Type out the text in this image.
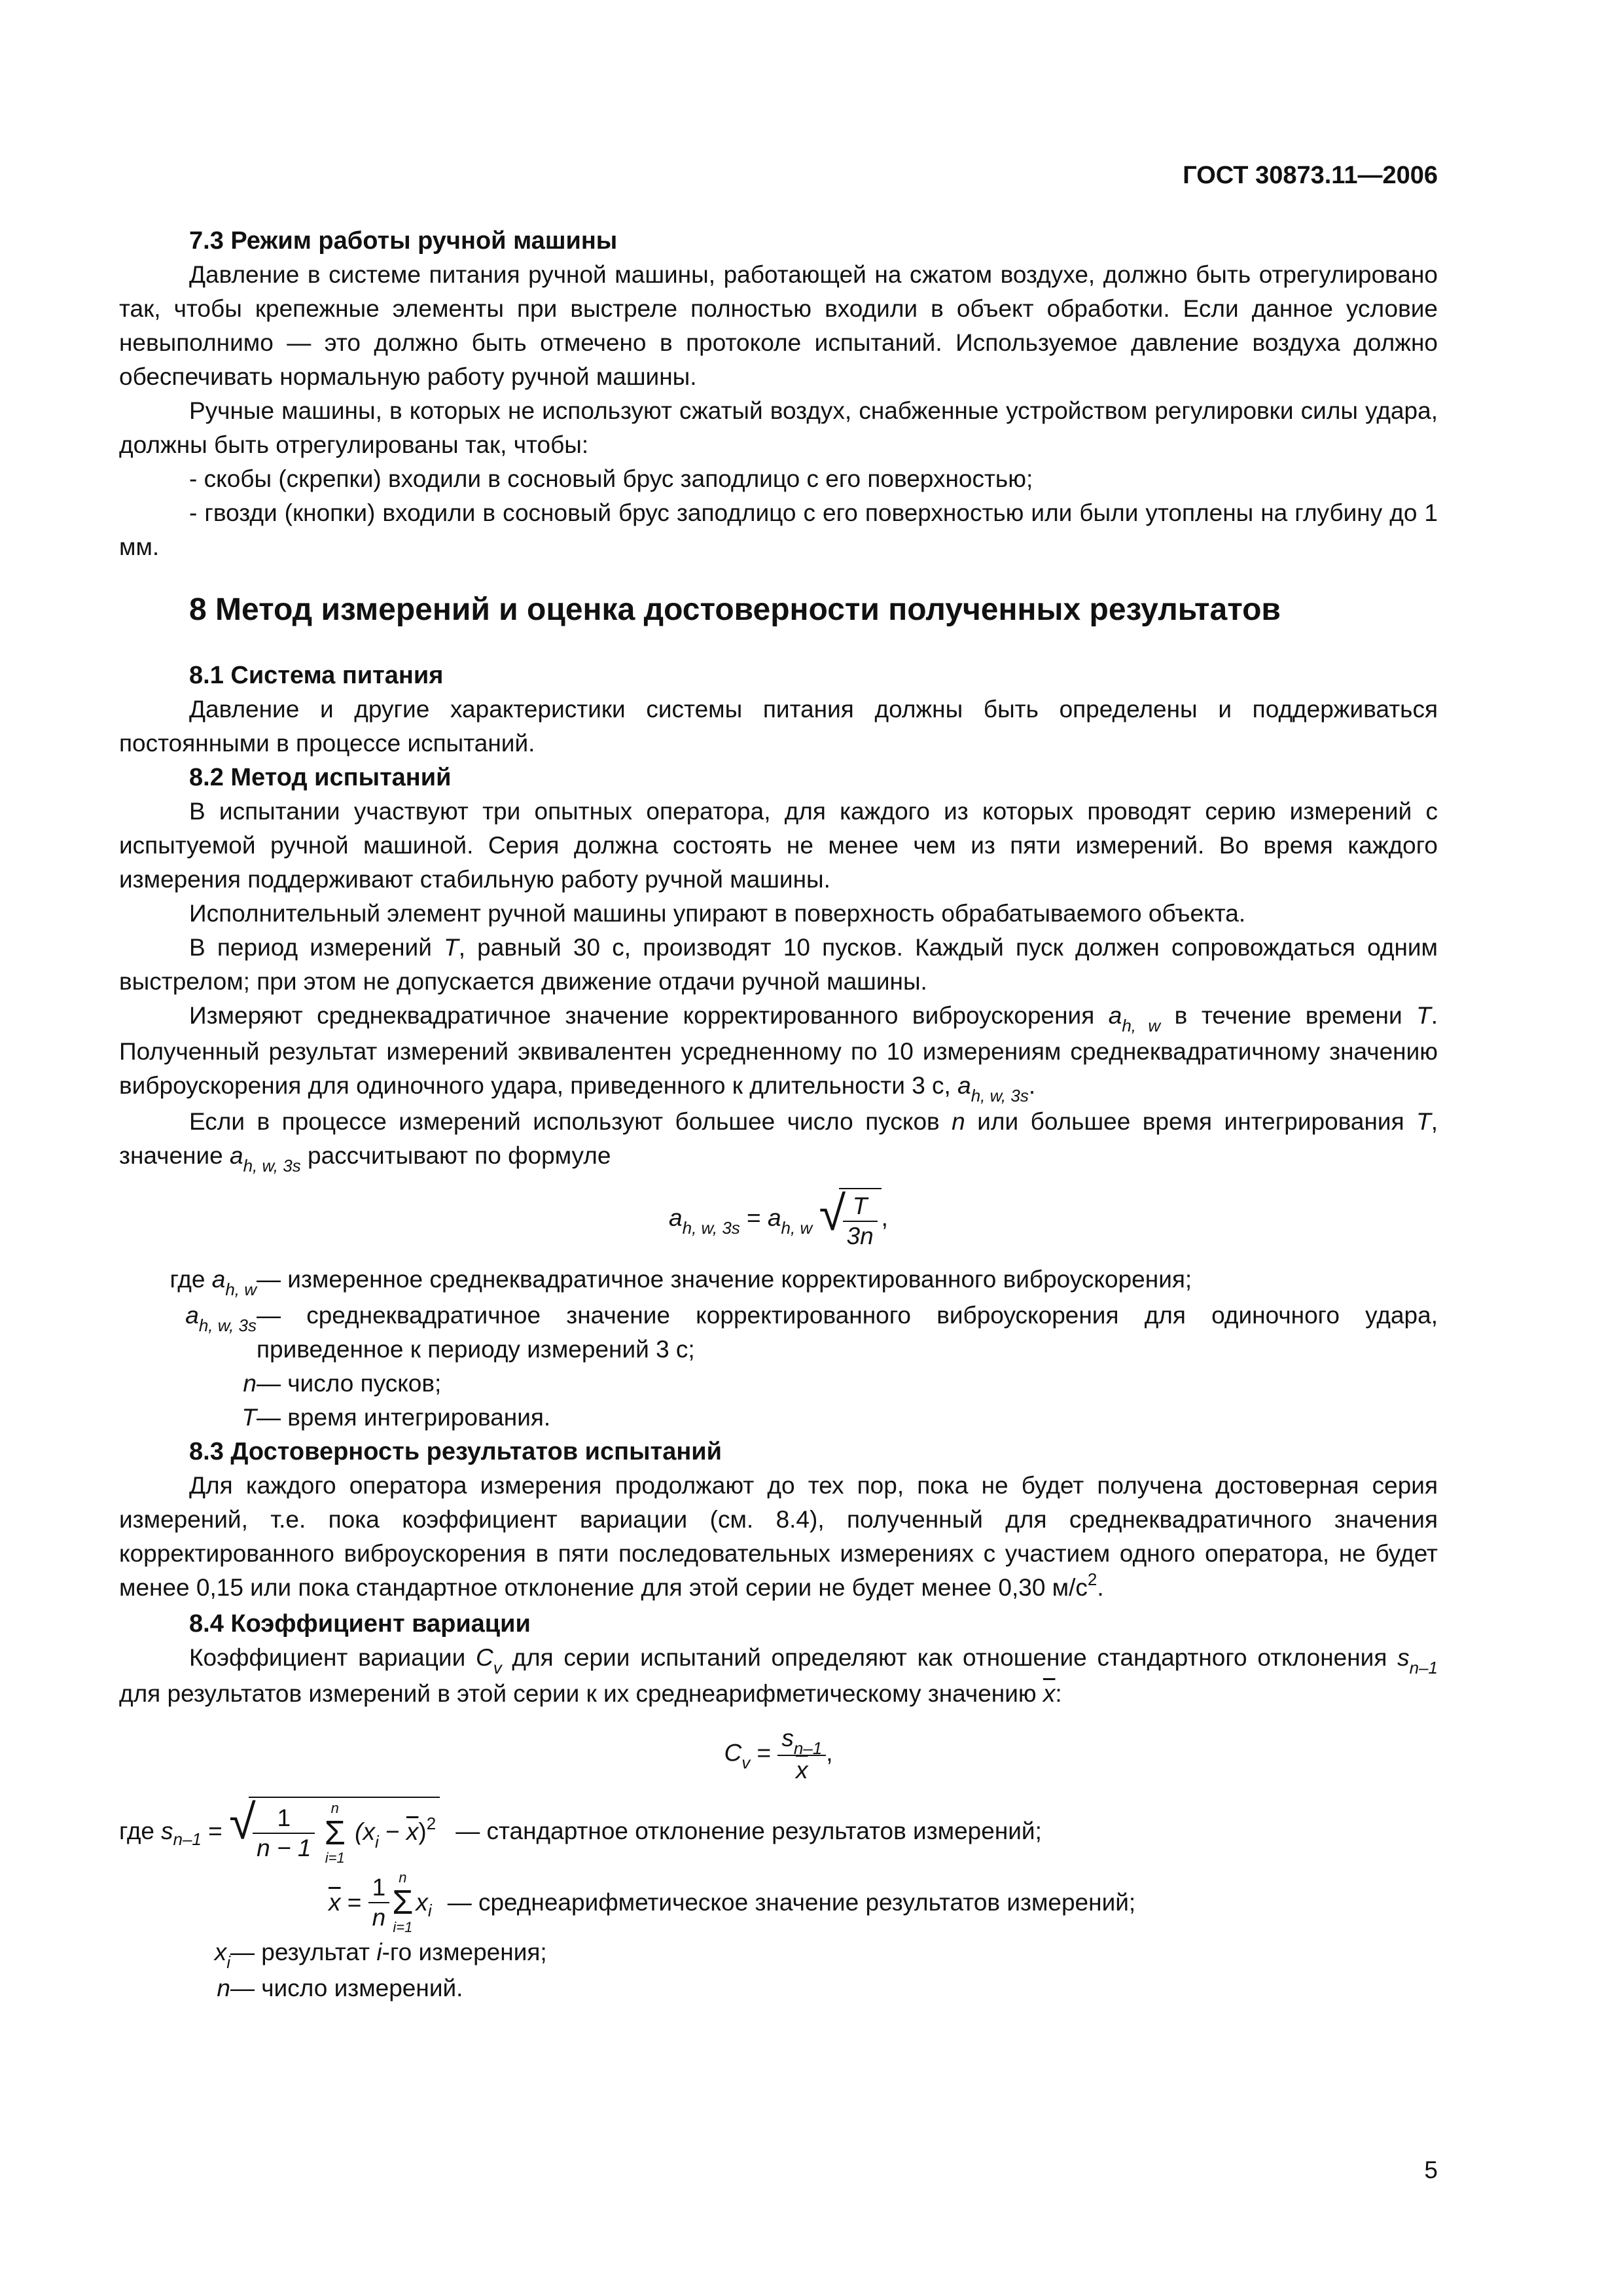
ГОСТ 30873.11—2006
7.3 Режим работы ручной машины

Давление в системе питания ручной машины, работающей на сжатом воздухе, должно быть отрегулировано так, чтобы крепежные элементы при выстреле полностью входили в объект обработки. Если данное условие невыполнимо — это должно быть отмечено в протоколе испытаний. Используемое давление воздуха должно обеспечивать нормальную работу ручной машины.

Ручные машины, в которых не используют сжатый воздух, снабженные устройством регулировки силы удара, должны быть отрегулированы так, чтобы:

- скобы (скрепки) входили в сосновый брус заподлицо с его поверхностью;

- гвозди (кнопки) входили в сосновый брус заподлицо с его поверхностью или были утоплены на глубину до 1 мм.

8 Метод измерений и оценка достоверности полученных результатов
8.1 Система питания

Давление и другие характеристики системы питания должны быть определены и поддерживаться постоянными в процессе испытаний.

8.2 Метод испытаний

В испытании участвуют три опытных оператора, для каждого из которых проводят серию измерений с испытуемой ручной машиной. Серия должна состоять не менее чем из пяти измерений. Во время каждого измерения поддерживают стабильную работу ручной машины.

Исполнительный элемент ручной машины упирают в поверхность обрабатываемого объекта.

В период измерений T, равный 30 с, производят 10 пусков. Каждый пуск должен сопровождаться одним выстрелом; при этом не допускается движение отдачи ручной машины.

Измеряют среднеквадратичное значение корректированного виброускорения $a_{h, w}$ в течение времени T. Полученный результат измерений эквивалентен усредненному по 10 измерениям среднеквадратичному значению виброускорения для одиночного удара, приведенного к длительности 3 с, $a_{h, w, 3s}$.

Если в процессе измерений используют большее число пусков n или большее время интегрирования T, значение $a_{h, w, 3s}$ рассчитывают по формуле

$a_{h, w, 3s} = a_{h, w}$ √
$\frac{T}{3n}$ ,
где $a_{h, w}$ — измеренное среднеквадратичное значение корректированного виброускорения;
$a_{h, w, 3s}$ — среднеквадратичное значение корректированного виброускорения для одиночного удара, приведенное к периоду измерений 3 с;
n — число пусков;
T — время интегрирования.
8.3 Достоверность результатов испытаний

Для каждого оператора измерения продолжают до тех пор, пока не будет получена достоверная серия измерений, т.е. пока коэффициент вариации (см. 8.4), полученный для среднеквадратичного значения корректированного виброускорения в пяти последовательных измерениях с участием одного оператора, не будет менее 0,15 или пока стандартное отклонение для этой серии не будет менее 0,30 $м/с^2$.

8.4 Коэффициент вариации

Коэффициент вариации $C_v$ для серии испытаний определяют как отношение стандартного отклонения $s_{n-1}$ для результатов измерений в этой серии к их среднеарифметическому значению $\overline{x}$:

$C_v = \frac{s_{n-1}}{x}$ ,
где s n–1 = √
$\frac{1}{n - 1}$
	n
Σ
i=1
$(x_i - \overline{x})^2$ — стандартное отклонение результатов измерений;
$\overline{x} = \frac{1}{n}$ n
Σ
i=1
x i — среднеарифметическое значение результатов измерений;
$x_i$ — результат i-го измерения;
n — число измерений.
5
